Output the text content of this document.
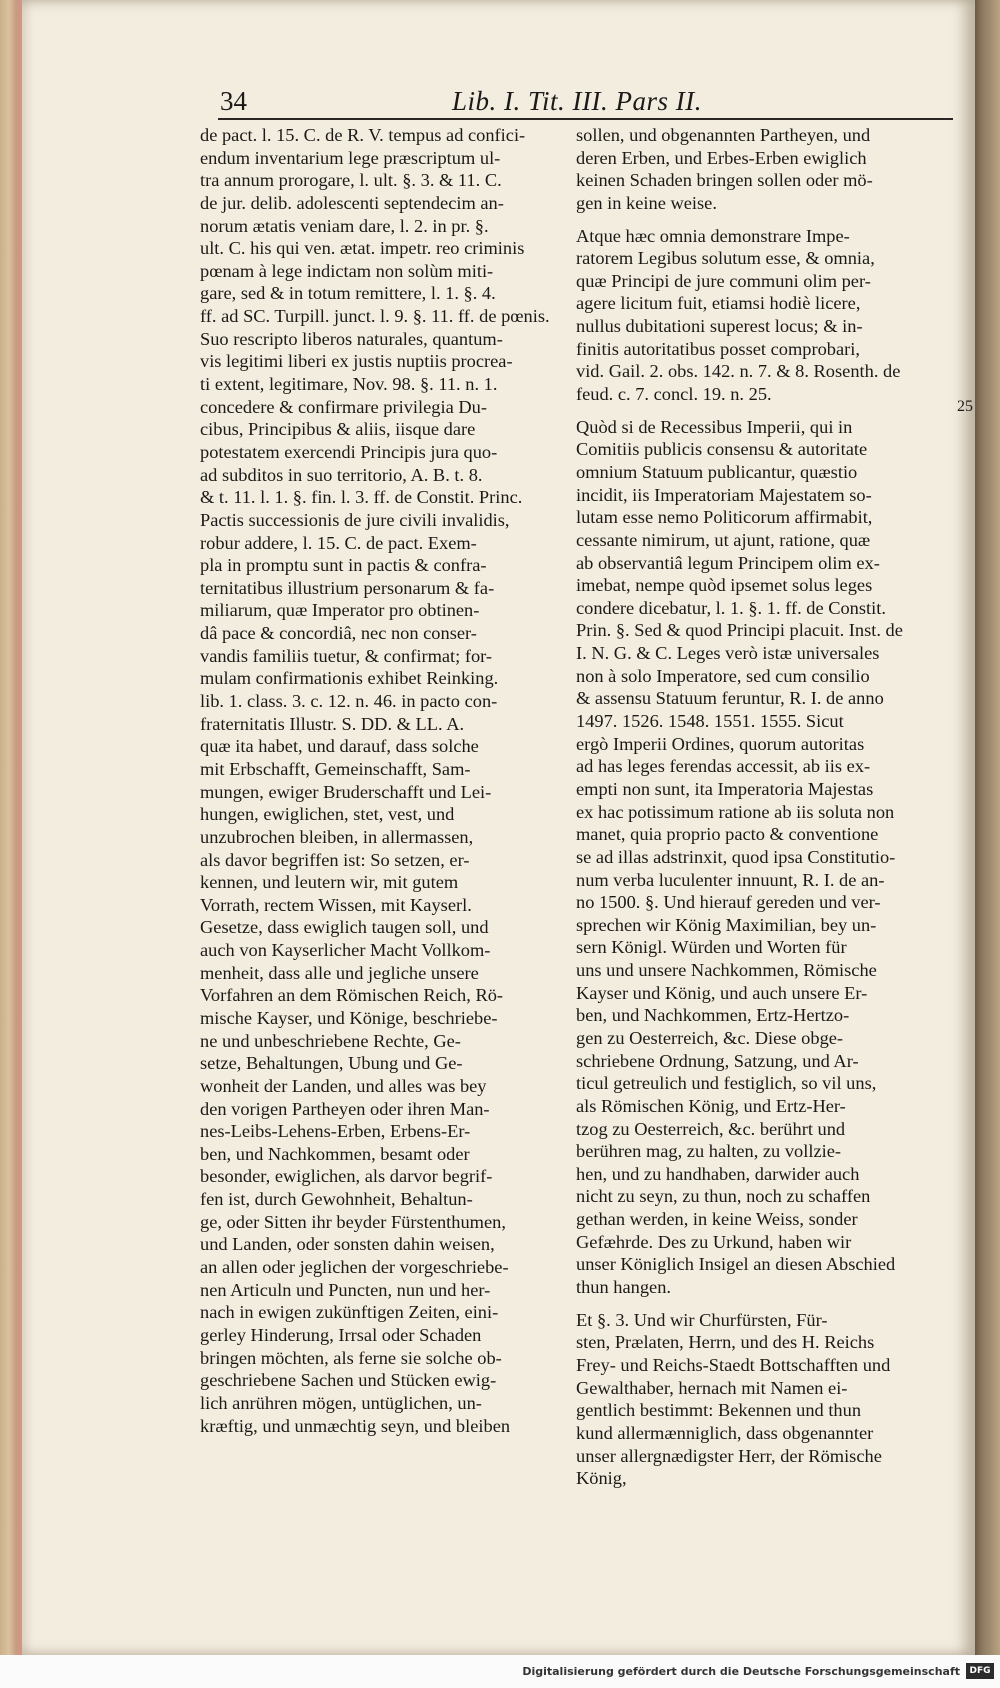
34	Lib. I. Tit. III. Pars II.
de pact. l. 15. C. de R. V. tempus ad confici-
endum inventarium lege præscriptum ul-
tra annum prorogare, l. ult. §. 3. & 11. C.
de jur. delib. adolescenti septendecim an-
norum ætatis veniam dare, l. 2. in pr. §.
ult. C. his qui ven. ætat. impetr. reo criminis
pœnam à lege indictam non solùm miti-
gare, sed & in totum remittere, l. 1. §. 4.
ff. ad SC. Turpill. junct. l. 9. §. 11. ff. de pœnis.
Suo rescripto liberos naturales, quantum-
vis legitimi liberi ex justis nuptiis procrea-
ti extent, legitimare, Nov. 98. §. 11. n. 1.
concedere & confirmare privilegia Du-
cibus, Principibus & aliis, iisque dare
potestatem exercendi Principis jura quo-
ad subditos in suo territorio, A. B. t. 8.
& t. 11. l. 1. §. fin. l. 3. ff. de Constit. Princ.
Pactis successionis de jure civili invalidis,
robur addere, l. 15. C. de pact. Exem-
pla in promptu sunt in pactis & confra-
ternitatibus illustrium personarum & fa-
miliarum, quæ Imperator pro obtinen-
dâ pace & concordiâ, nec non conser-
vandis familiis tuetur, & confirmat; for-
mulam confirmationis exhibet Reinking.
lib. 1. class. 3. c. 12. n. 46. in pacto con-
fraternitatis Illustr. S. DD. & LL. A.
quæ ita habet, und darauf, dass solche
mit Erbschafft, Gemeinschafft, Sam-
mungen, ewiger Bruderschafft und Lei-
hungen, ewiglichen, stet, vest, und
unzubrochen bleiben, in allermassen,
als davor begriffen ist: So setzen, er-
kennen, und leutern wir, mit gutem
Vorrath, rectem Wissen, mit Kayserl.
Gesetze, dass ewiglich taugen soll, und
auch von Kayserlicher Macht Vollkom-
menheit, dass alle und jegliche unsere
Vorfahren an dem Römischen Reich, Rö-
mische Kayser, und Könige, beschriebe-
ne und unbeschriebene Rechte, Ge-
setze, Behaltungen, Ubung und Ge-
wonheit der Landen, und alles was bey
den vorigen Partheyen oder ihren Man-
nes-Leibs-Lehens-Erben, Erbens-Er-
ben, und Nachkommen, besamt oder
besonder, ewiglichen, als darvor begrif-
fen ist, durch Gewohnheit, Behaltun-
ge, oder Sitten ihr beyder Fürstenthumen,
und Landen, oder sonsten dahin weisen,
an allen oder jeglichen der vorgeschriebe-
nen Articuln und Puncten, nun und her-
nach in ewigen zukünftigen Zeiten, eini-
gerley Hinderung, Irrsal oder Schaden
bringen möchten, als ferne sie solche ob-
geschriebene Sachen und Stücken ewig-
lich anrühren mögen, untüglichen, un-
kræftig, und unmæchtig seyn, und bleiben
sollen, und obgenannten Partheyen, und
deren Erben, und Erbes-Erben ewiglich
keinen Schaden bringen sollen oder mö-
gen in keine weise.
Atque hæc omnia demonstrare Impe-
ratorem Legibus solutum esse, & omnia,
quæ Principi de jure communi olim per-
agere licitum fuit, etiamsi hodiè licere,
nullus dubitationi superest locus; & in-
finitis autoritatibus posset comprobari,
vid. Gail. 2. obs. 142. n. 7. & 8. Rosenth. de
feud. c. 7. concl. 19. n. 25.
Quòd si de Recessibus Imperii, qui in
Comitiis publicis consensu & autoritate
omnium Statuum publicantur, quæstio
incidit, iis Imperatoriam Majestatem so-
lutam esse nemo Politicorum affirmabit,
cessante nimirum, ut ajunt, ratione, quæ
ab observantiâ legum Principem olim ex-
imebat, nempe quòd ipsemet solus leges
condere dicebatur, l. 1. §. 1. ff. de Constit.
Prin. §. Sed & quod Principi placuit. Inst. de
I. N. G. & C. Leges verò istæ universales
non à solo Imperatore, sed cum consilio
& assensu Statuum feruntur, R. I. de anno
1497. 1526. 1548. 1551. 1555. Sicut
ergò Imperii Ordines, quorum autoritas
ad has leges ferendas accessit, ab iis ex-
empti non sunt, ita Imperatoria Majestas
ex hac potissimum ratione ab iis soluta non
manet, quia proprio pacto & conventione
se ad illas adstrinxit, quod ipsa Constitutio-
num verba luculenter innuunt, R. I. de an-
no 1500. §. Und hierauf gereden und ver-
sprechen wir König Maximilian, bey un-
sern Königl. Würden und Worten für
uns und unsere Nachkommen, Römische
Kayser und König, und auch unsere Er-
ben, und Nachkommen, Ertz-Hertzo-
gen zu Oesterreich, &c. Diese obge-
schriebene Ordnung, Satzung, und Ar-
ticul getreulich und festiglich, so vil uns,
als Römischen König, und Ertz-Her-
tzog zu Oesterreich, &c. berührt und
berühren mag, zu halten, zu vollzie-
hen, und zu handhaben, darwider auch
nicht zu seyn, zu thun, noch zu schaffen
gethan werden, in keine Weiss, sonder
Gefæhrde. Des zu Urkund, haben wir
unser Königlich Insigel an diesen Abschied
thun hangen.
Et §. 3. Und wir Churfürsten, Für-
sten, Prælaten, Herrn, und des H. Reichs
Frey- und Reichs-Staedt Bottschafften und
Gewalthaber, hernach mit Namen ei-
gentlich bestimmt: Bekennen und thun
kund allermænniglich, dass obgenannter
unser allergnædigster Herr, der Römische
König,
25
Digitalisierung gefördert durch die Deutsche Forschungsgemeinschaft	DFG
